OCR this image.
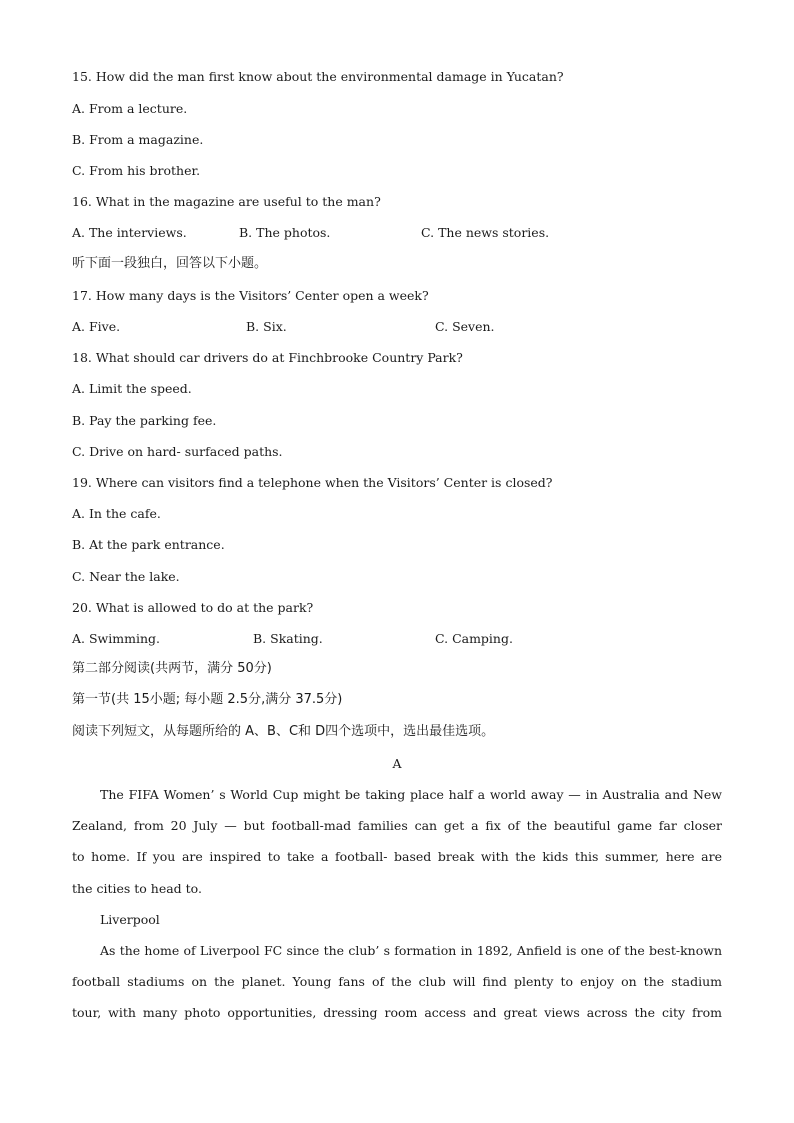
15. How did the man first know about the environmental damage in Yucatan?
A. From a lecture.
B. From a magazine.
C. From his brother.
16. What in the magazine are useful to the man?
A. The interviews.	B. The photos.	C. The news stories.
听下面一段独白，回答以下小题。
17. How many days is the Visitors’ Center open a week?
A. Five.	B. Six.	C. Seven.
18. What should car drivers do at Finchbrooke Country Park?
A. Limit the speed.
B. Pay the parking fee.
C. Drive on hard- surfaced paths.
19. Where can visitors find a telephone when the Visitors’ Center is closed?
A. In the cafe.
B. At the park entrance.
C. Near the lake.
20. What is allowed to do at the park?
A. Swimming.	B. Skating.	C. Camping.
第二部分阅读(共两节，满分 50分)
第一节(共 15小题; 每小题 2.5分,满分 37.5分)
阅读下列短文，从每题所给的 A、B、C和 D四个选项中，选出最佳选项。
A
The FIFA Women’ s World Cup might be taking place half a world away — in Australia and New
Zealand, from 20 July — but football-mad families can get a fix of the beautiful game far closer
to home. If you are inspired to take a football- based break with the kids this summer, here are
the cities to head to.
Liverpool
As the home of Liverpool FC since the club’ s formation in 1892, Anfield is one of the best-known
football stadiums on the planet. Young fans of the club will find plenty to enjoy on the stadium
tour, with many photo opportunities, dressing room access and great views across the city from
